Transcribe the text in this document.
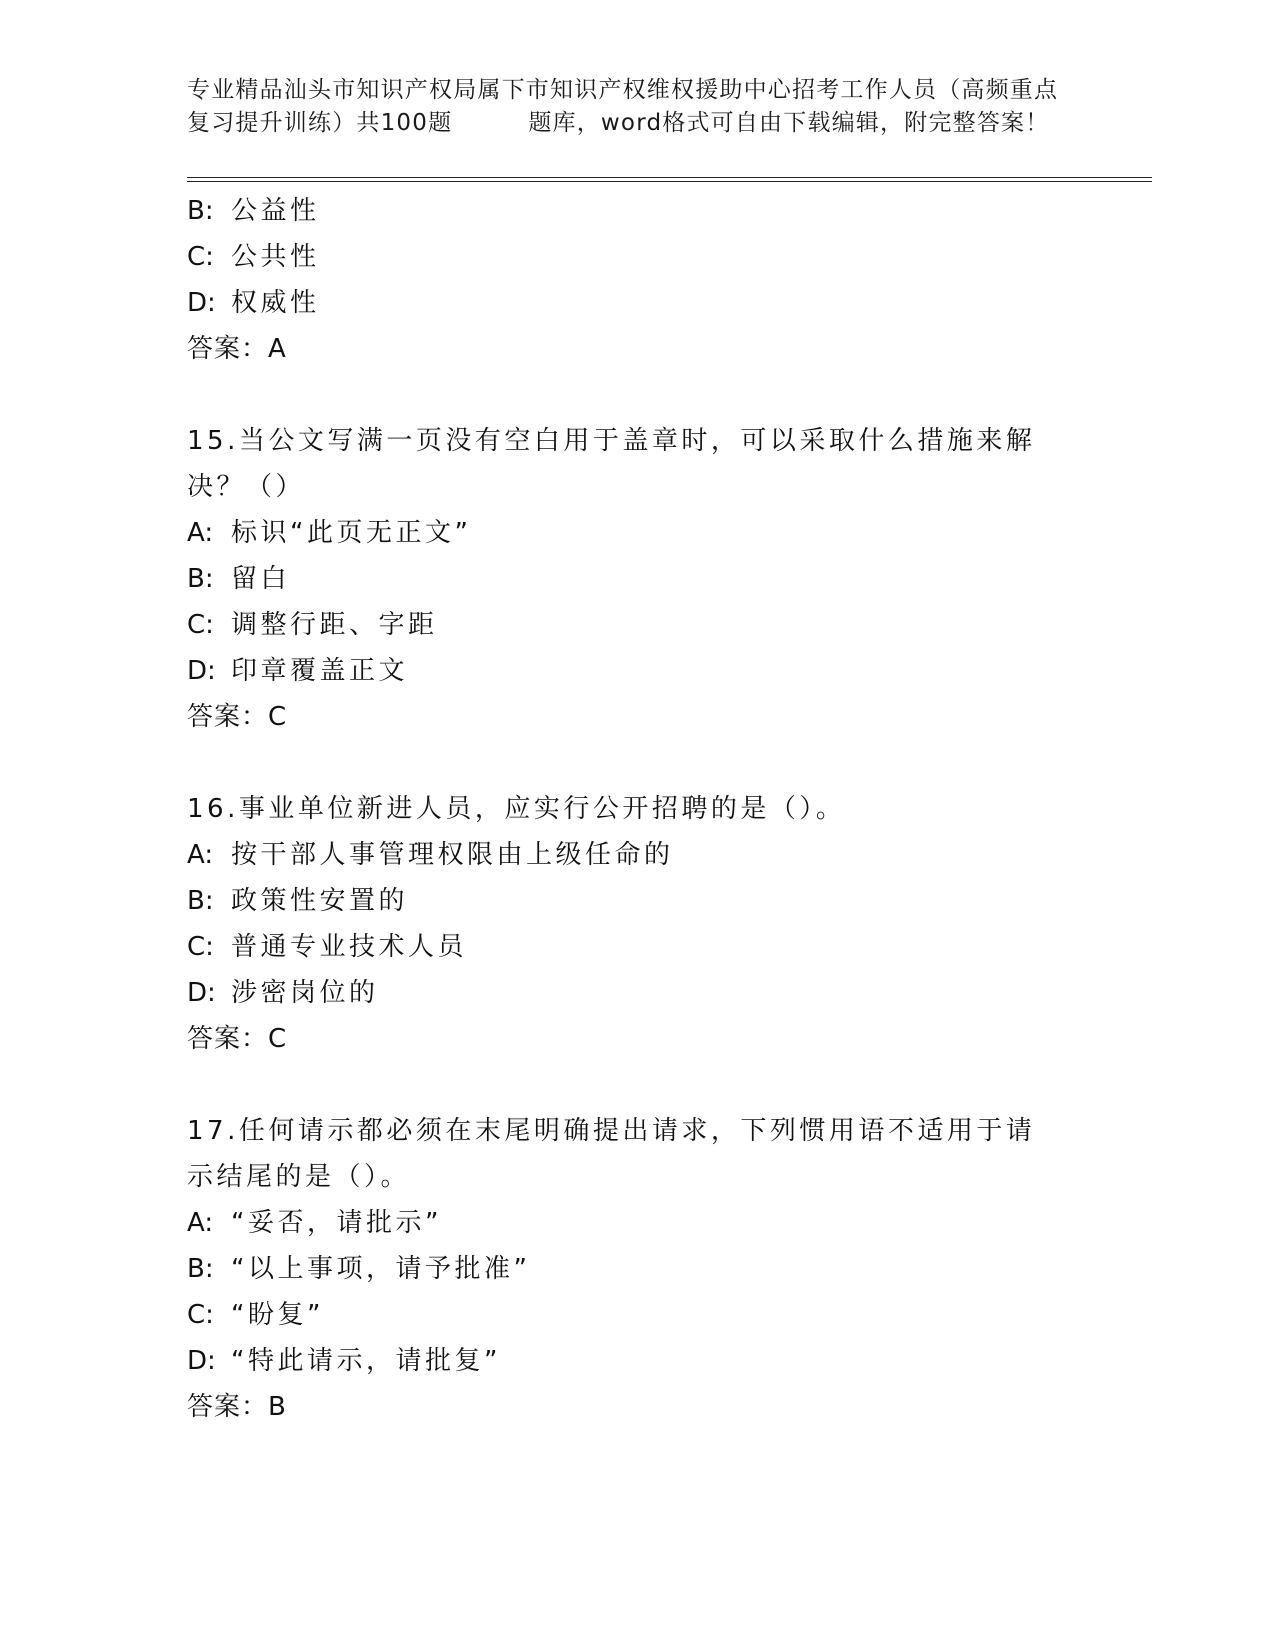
专业精品汕头市知识产权局属下市知识产权维权援助中心招考工作人员（高频重点
复习提升训练）共100题	题库，word格式可自由下载编辑，附完整答案！
B: 公益性
C: 公共性
D: 权威性
答案：A
15.当公文写满一页没有空白用于盖章时，可以采取什么措施来解决？（）
A: 标识“此页无正文”
B: 留白
C: 调整行距、字距
D: 印章覆盖正文
答案：C
16.事业单位新进人员，应实行公开招聘的是（）。
A: 按干部人事管理权限由上级任命的
B: 政策性安置的
C: 普通专业技术人员
D: 涉密岗位的
答案：C
17.任何请示都必须在末尾明确提出请求，下列惯用语不适用于请示结尾的是（）。
A: “妥否，请批示”
B: “以上事项，请予批准”
C: “盼复”
D: “特此请示，请批复”
答案：B
